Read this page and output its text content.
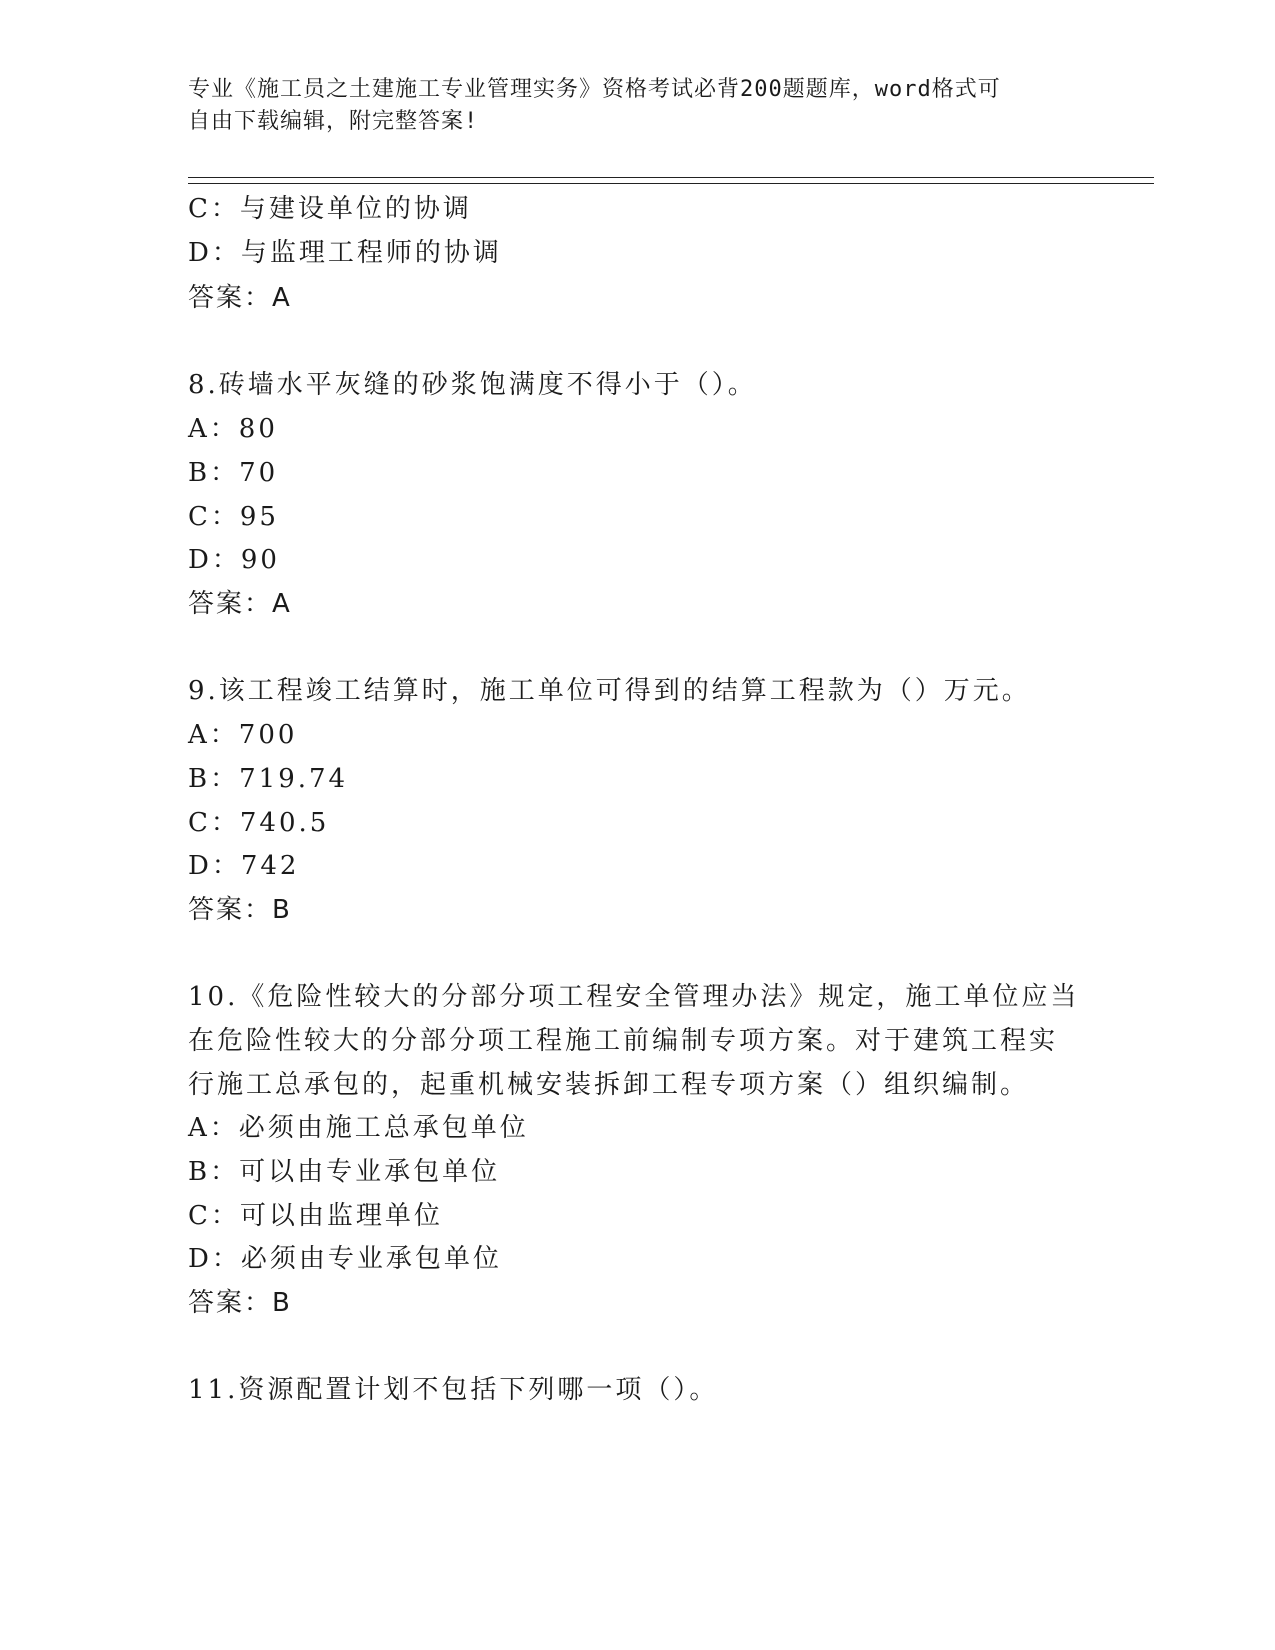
专业《施工员之土建施工专业管理实务》资格考试必背200题题库，word格式可
自由下载编辑，附完整答案!
C：与建设单位的协调
D：与监理工程师的协调
答案：A
8.砖墙水平灰缝的砂浆饱满度不得小于（）。
A：80
B：70
C：95
D：90
答案：A
9.该工程竣工结算时，施工单位可得到的结算工程款为（）万元。
A：700
B：719.74
C：740.5
D：742
答案：B
10.《危险性较大的分部分项工程安全管理办法》规定，施工单位应当
在危险性较大的分部分项工程施工前编制专项方案。对于建筑工程实
行施工总承包的，起重机械安装拆卸工程专项方案（）组织编制。
A：必须由施工总承包单位
B：可以由专业承包单位
C：可以由监理单位
D：必须由专业承包单位
答案：B
11.资源配置计划不包括下列哪一项（）。
